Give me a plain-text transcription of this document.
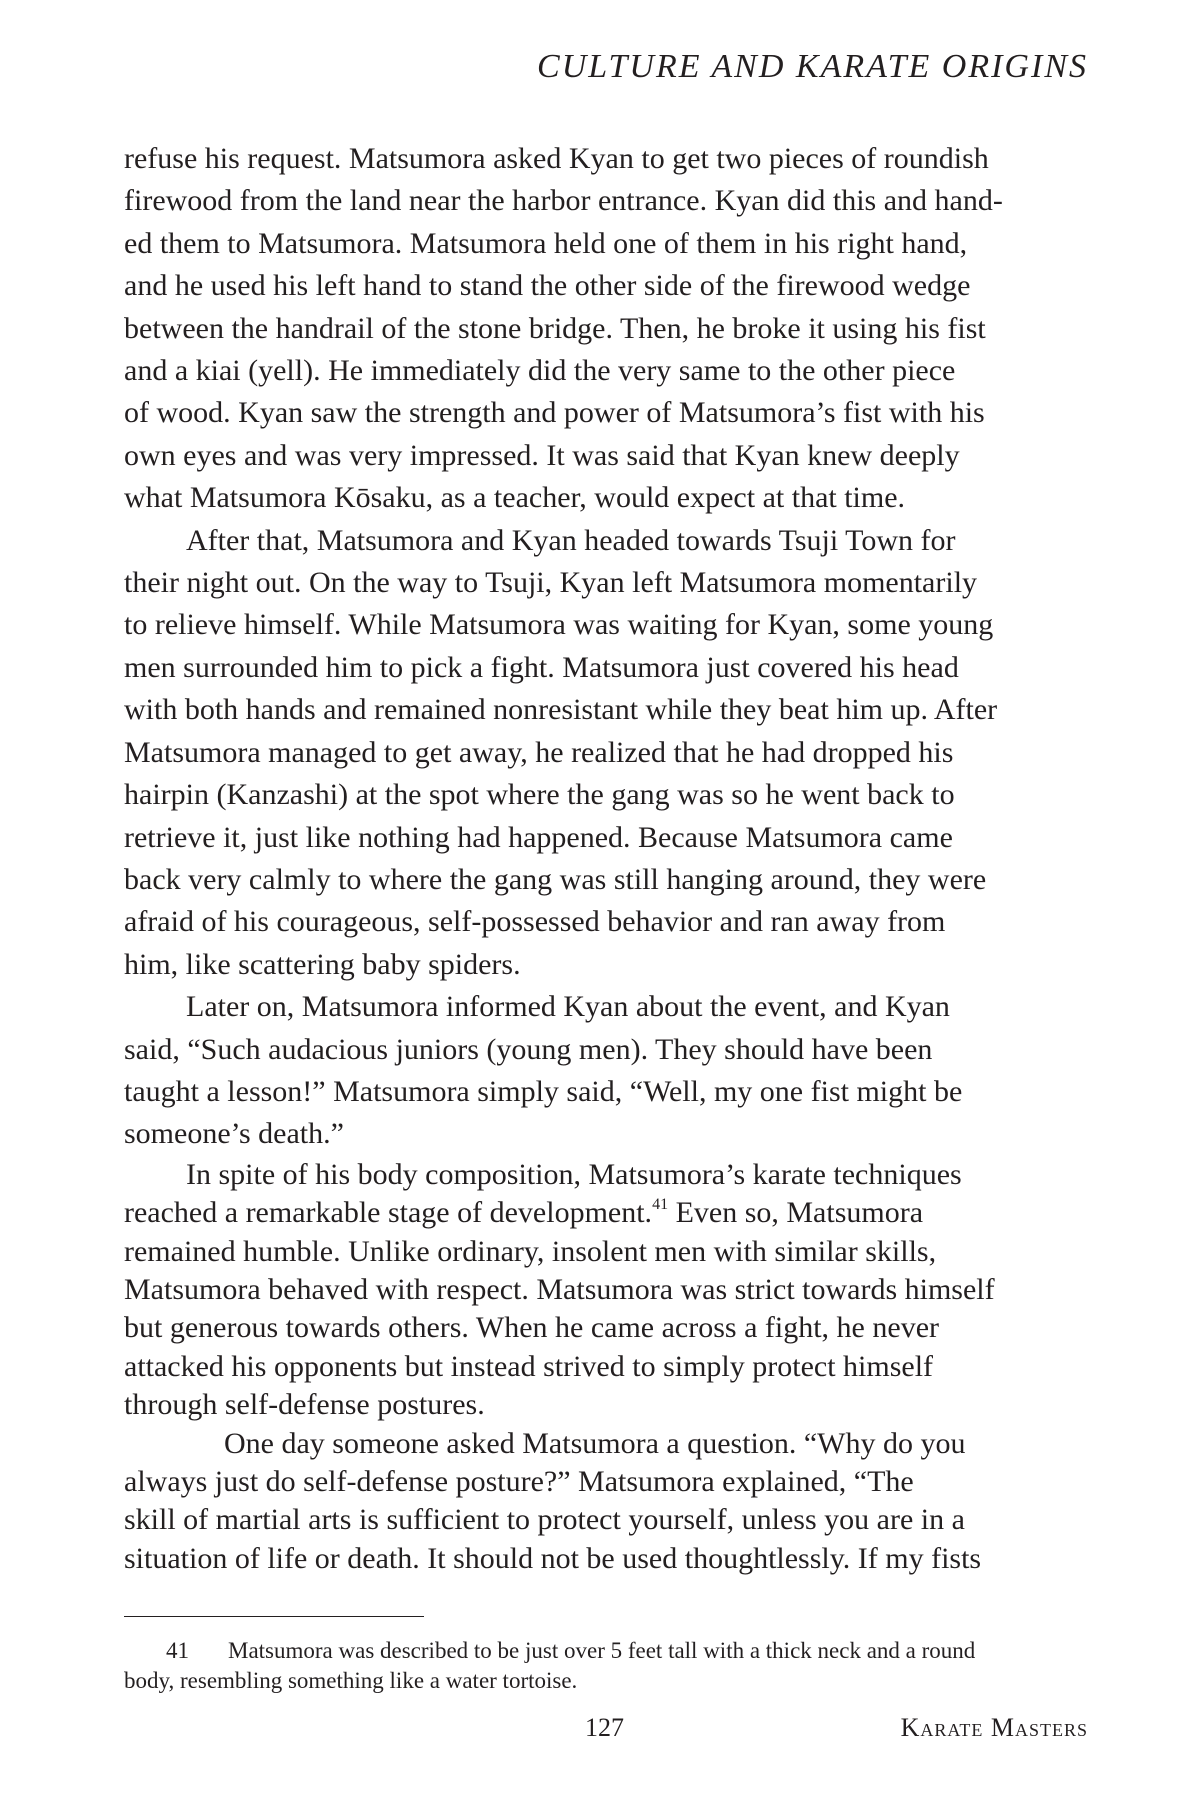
CULTURE AND KARATE ORIGINS

refuse his request. Matsumora asked Kyan to get two pieces of roundish
firewood from the land near the harbor entrance. Kyan did this and hand-
ed them to Matsumora. Matsumora held one of them in his right hand,
and he used his left hand to stand the other side of the firewood wedge
between the handrail of the stone bridge. Then, he broke it using his fist
and a kiai (yell). He immediately did the very same to the other piece
of wood. Kyan saw the strength and power of Matsumora’s fist with his
own eyes and was very impressed. It was said that Kyan knew deeply
what Matsumora Kōsaku, as a teacher, would expect at that time.

After that, Matsumora and Kyan headed towards Tsuji Town for
their night out. On the way to Tsuji, Kyan left Matsumora momentarily
to relieve himself. While Matsumora was waiting for Kyan, some young
men surrounded him to pick a fight. Matsumora just covered his head
with both hands and remained nonresistant while they beat him up. After
Matsumora managed to get away, he realized that he had dropped his
hairpin (Kanzashi) at the spot where the gang was so he went back to
retrieve it, just like nothing had happened. Because Matsumora came
back very calmly to where the gang was still hanging around, they were
afraid of his courageous, self-possessed behavior and ran away from
him, like scattering baby spiders.

Later on, Matsumora informed Kyan about the event, and Kyan
said, “Such audacious juniors (young men). They should have been
taught a lesson!” Matsumora simply said, “Well, my one fist might be
someone’s death.”

In spite of his body composition, Matsumora’s karate techniques
reached a remarkable stage of development.$^{41}$ Even so, Matsumora
remained humble. Unlike ordinary, insolent men with similar skills,
Matsumora behaved with respect. Matsumora was strict towards himself
but generous towards others. When he came across a fight, he never
attacked his opponents but instead strived to simply protect himself
through self-defense postures.

One day someone asked Matsumora a question. “Why do you
always just do self-defense posture?” Matsumora explained, “The
skill of martial arts is sufficient to protect yourself, unless you are in a
situation of life or death. It should not be used thoughtlessly. If my fists

41 Matsumora was described to be just over 5 feet tall with a thick neck and a round
body, resembling something like a water tortoise.
127	Karate Masters
